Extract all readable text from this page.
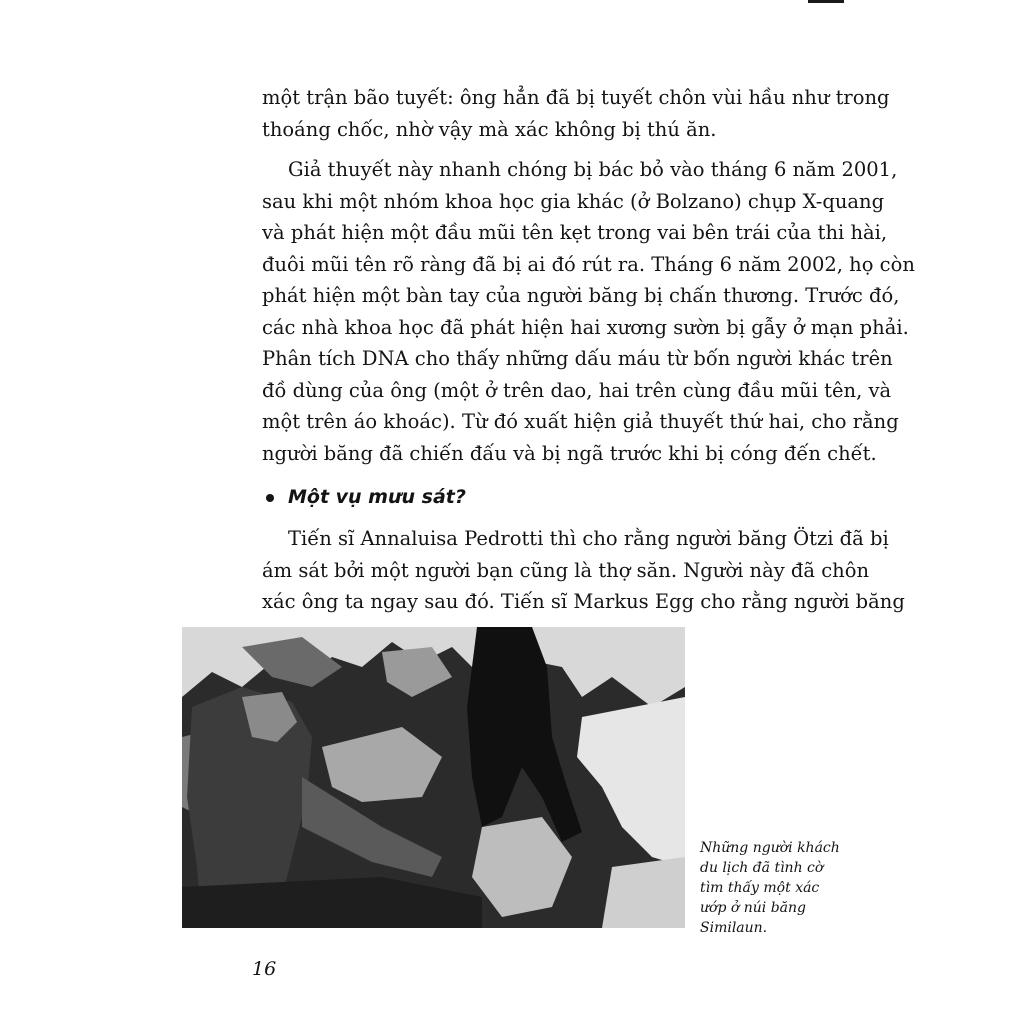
một trận bão tuyết: ông hẳn đã bị tuyết chôn vùi hầu như trong
thoáng chốc, nhờ vậy mà xác không bị thú ăn.
Giả thuyết này nhanh chóng bị bác bỏ vào tháng 6 năm 2001,
sau khi một nhóm khoa học gia khác (ở Bolzano) chụp X-quang
và phát hiện một đầu mũi tên kẹt trong vai bên trái của thi hài,
đuôi mũi tên rõ ràng đã bị ai đó rút ra. Tháng 6 năm 2002, họ còn
phát hiện một bàn tay của người băng bị chấn thương. Trước đó,
các nhà khoa học đã phát hiện hai xương sườn bị gẫy ở mạn phải.
Phân tích DNA cho thấy những dấu máu từ bốn người khác trên
đồ dùng của ông (một ở trên dao, hai trên cùng đầu mũi tên, và
một trên áo khoác). Từ đó xuất hiện giả thuyết thứ hai, cho rằng
người băng đã chiến đấu và bị ngã trước khi bị cóng đến chết.
Một vụ mưu sát?
Tiến sĩ Annaluisa Pedrotti thì cho rằng người băng Ötzi đã bị
ám sát bởi một người bạn cũng là thợ săn. Người này đã chôn
xác ông ta ngay sau đó. Tiến sĩ Markus Egg cho rằng người băng
Những người khách
du lịch đã tình cờ
tìm thấy một xác
ướp ở núi băng
Similaun.
16
